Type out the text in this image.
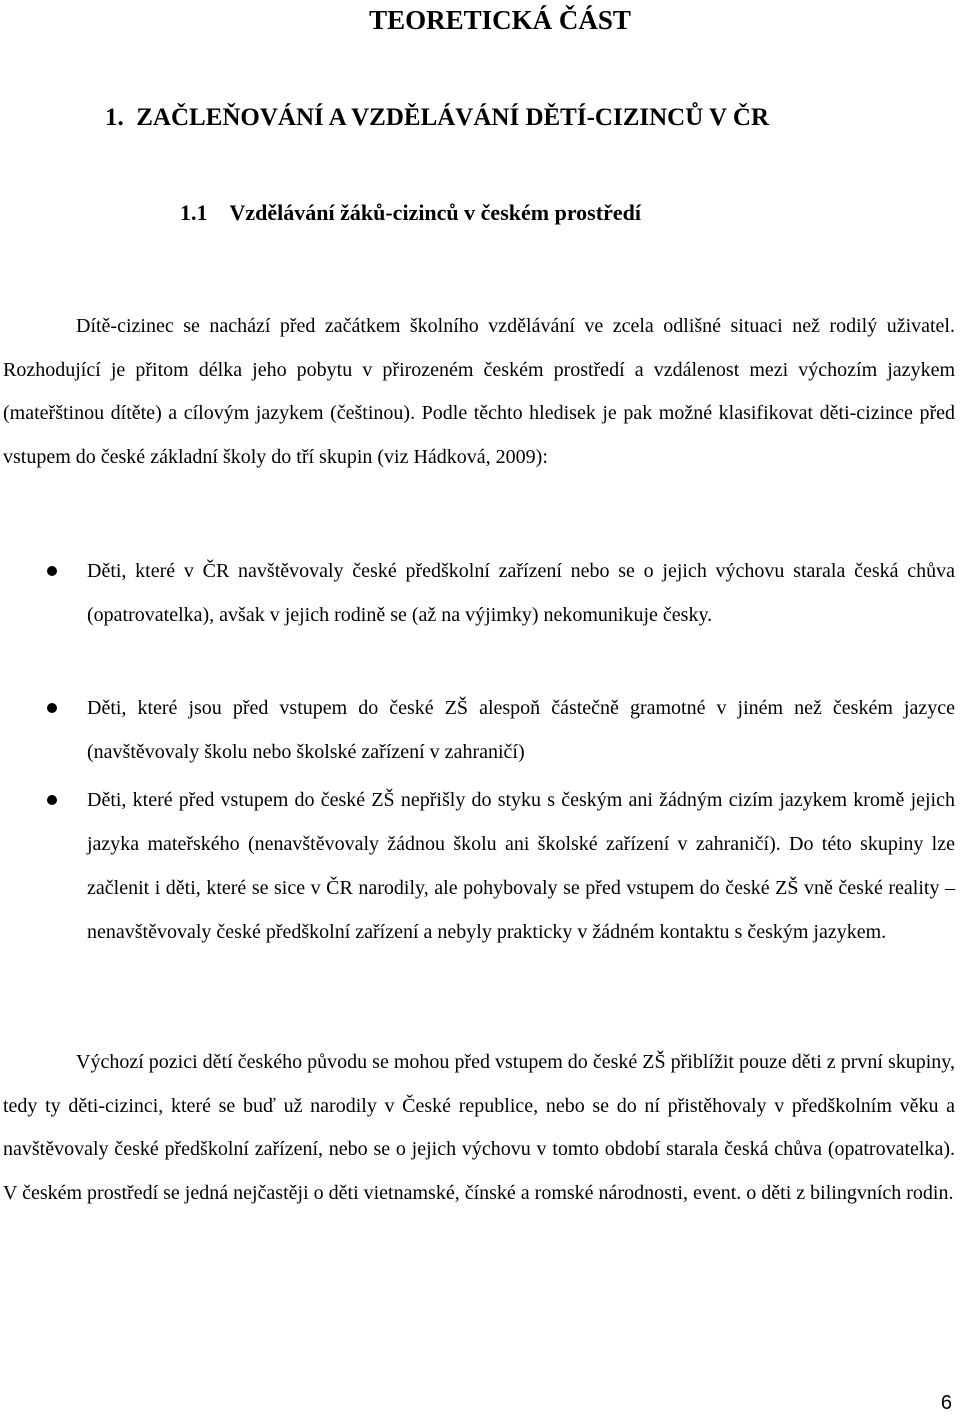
TEORETICKÁ ČÁST
1. ZAČLEŇOVÁNÍ A VZDĚLÁVÁNÍ DĚTÍ-CIZINCŮ V ČR
1.1 Vzdělávání žáků-cizinců v českém prostředí

Dítě-cizinec se nachází před začátkem školního vzdělávání ve zcela odlišné situaci než rodilý uživatel. Rozhodující je přitom délka jeho pobytu v přirozeném českém prostředí a vzdálenost mezi výchozím jazykem (mateřštinou dítěte) a cílovým jazykem (češtinou). Podle těchto hledisek je pak možné klasifikovat děti-cizince před vstupem do české základní školy do tří skupin (viz Hádková, 2009):

Děti, které v ČR navštěvovaly české předškolní zařízení nebo se o jejich výchovu starala česká chůva (opatrovatelka), avšak v jejich rodině se (až na výjimky) nekomunikuje česky.
Děti, které jsou před vstupem do české ZŠ alespoň částečně gramotné v jiném než českém jazyce (navštěvovaly školu nebo školské zařízení v zahraničí)
Děti, které před vstupem do české ZŠ nepřišly do styku s českým ani žádným cizím jazykem kromě jejich jazyka mateřského (nenavštěvovaly žádnou školu ani školské zařízení v zahraničí). Do této skupiny lze začlenit i děti, které se sice v ČR narodily, ale pohybovaly se před vstupem do české ZŠ vně české reality – nenavštěvovaly české předškolní zařízení a nebyly prakticky v žádném kontaktu s českým jazykem.

Výchozí pozici dětí českého původu se mohou před vstupem do české ZŠ přiblížit pouze děti z první skupiny, tedy ty děti-cizinci, které se buď už narodily v České republice, nebo se do ní přistěhovaly v předškolním věku a navštěvovaly české předškolní zařízení, nebo se o jejich výchovu v tomto období starala česká chůva (opatrovatelka). V českém prostředí se jedná nejčastěji o děti vietnamské, čínské a romské národnosti, event. o děti z bilingvních rodin.

6
